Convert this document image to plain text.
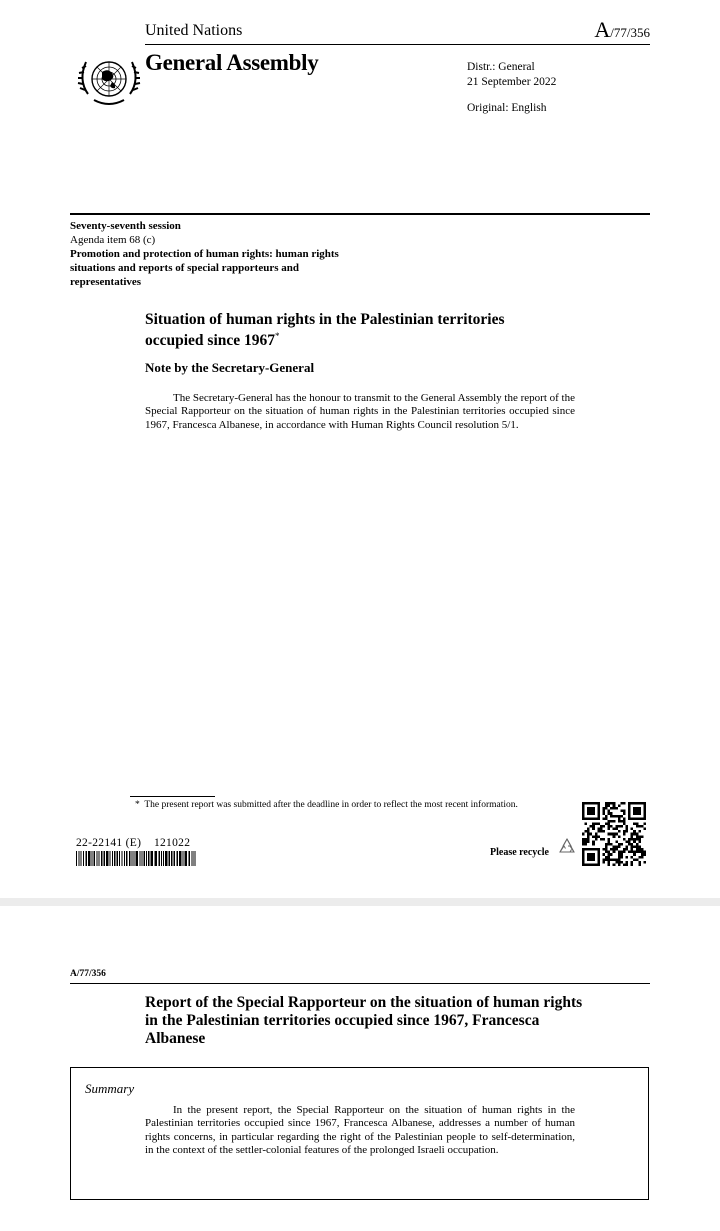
United Nations	A/77/356
General Assembly	Distr.: General
21 September 2022
Original: English
Seventy-seventh session
Agenda item 68 (c)
Promotion and protection of human rights: human rights situations and reports of special rapporteurs and representatives
Situation of human rights in the Palestinian territories occupied since 1967*
Note by the Secretary-General
The Secretary-General has the honour to transmit to the General Assembly the report of the Special Rapporteur on the situation of human rights in the Palestinian territories occupied since 1967, Francesca Albanese, in accordance with Human Rights Council resolution 5/1.
* The present report was submitted after the deadline in order to reflect the most recent information.
22-22141 (E)    121022
Please recycle
A/77/356
Report of the Special Rapporteur on the situation of human rights in the Palestinian territories occupied since 1967, Francesca Albanese
Summary
In the present report, the Special Rapporteur on the situation of human rights in the Palestinian territories occupied since 1967, Francesca Albanese, addresses a number of human rights concerns, in particular regarding the right of the Palestinian people to self-determination, in the context of the settler-colonial features of the prolonged Israeli occupation.
